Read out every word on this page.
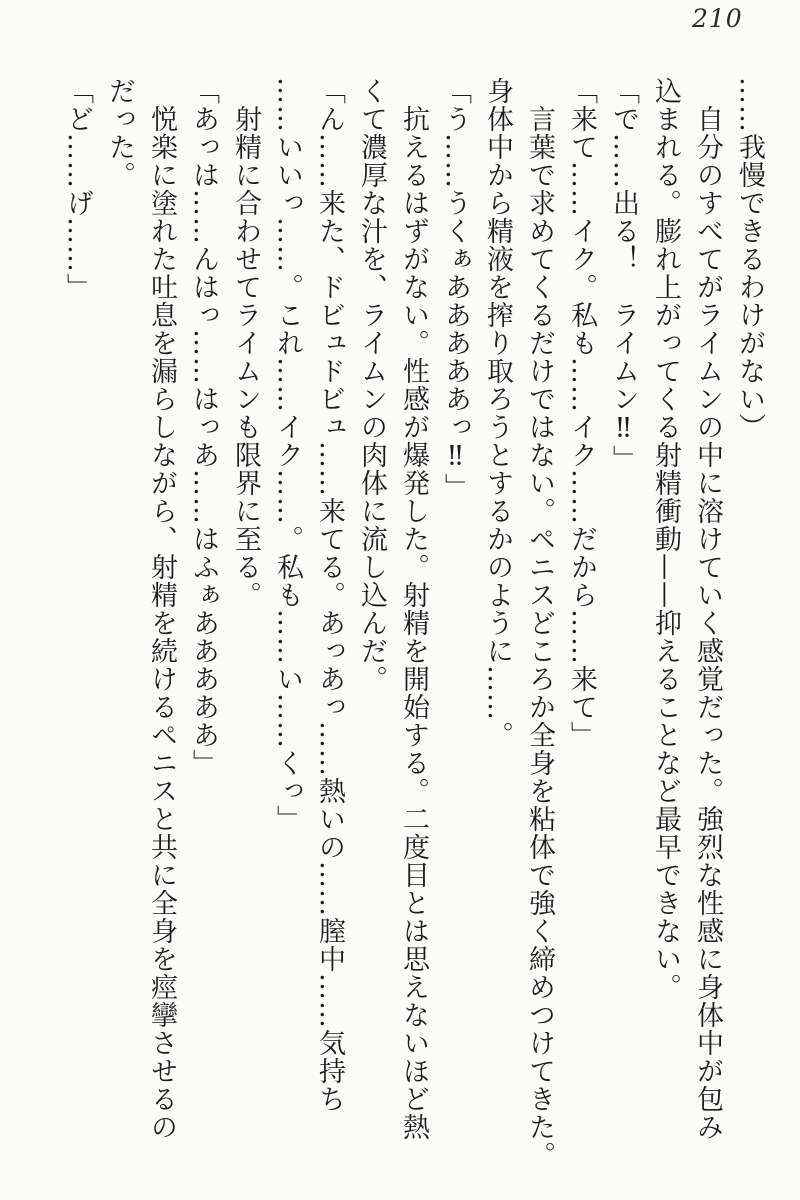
210

……我慢できるわけがない）

自分のすべてがライムンの中に溶けていく感覚だった。強烈な性感に身体中が包み

込まれる。膨れ上がってくる射精衝動——抑えることなど最早できない。

「で……出る！　ライムン‼」

「来て……イク。私も……イク……だから……来て」

言葉で求めてくるだけではない。ペニスどころか全身を粘体で強く締めつけてきた。

身体中から精液を搾り取ろうとするかのように……。

「う……うくぁあああああっ‼」

抗えるはずがない。性感が爆発した。射精を開始する。二度目とは思えないほど熱

くて濃厚な汁を、ライムンの肉体に流し込んだ。

「ん……来た、ドビュドビュ……来てる。あっあっ……熱いの……膣中……気持ち

……いいっ……。これ……イク……。私も……い……くっ」

射精に合わせてライムンも限界に至る。

「あっは……んはっ……はっあ……はふぁあああああ」

悦楽に塗れた吐息を漏らしながら、射精を続けるペニスと共に全身を痙攣させるの

だった。

「ど……げ……」
